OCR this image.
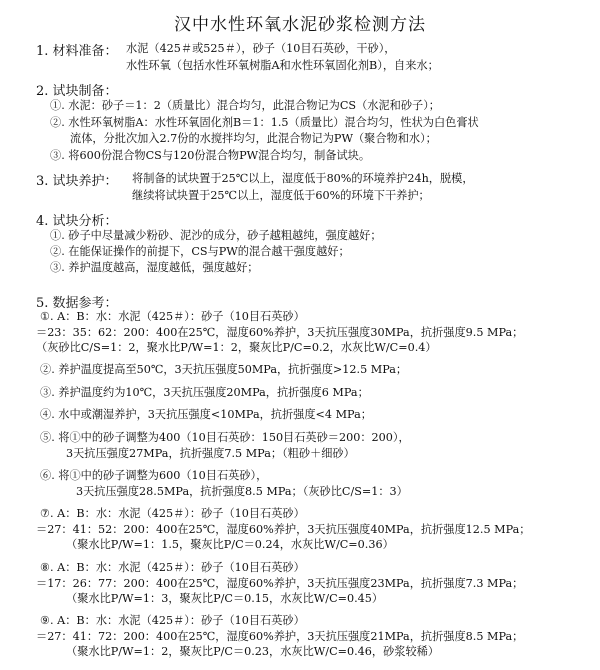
汉中水性环氧水泥砂浆检测方法
1. 材料准备： 水泥（425＃或525＃），砂子（10目石英砂，干砂），
水性环氧（包括水性环氧树脂A和水性环氧固化剂B），自来水；
2. 试块制备：
①. 水泥：砂子＝1：2（质量比）混合均匀，此混合物记为CS（水泥和砂子）；
②. 水性环氧树脂A：水性环氧固化剂B＝1：1.5（质量比）混合均匀，性状为白色膏状
流体，分批次加入2.7份的水搅拌均匀，此混合物记为PW（聚合物和水）；
③. 将600份混合物CS与120份混合物PW混合均匀，制备试块。
3. 试块养护： 将制备的试块置于25℃以上，湿度低于80%的环境养护24h，脱模，
继续将试块置于25℃以上，湿度低于60%的环境下干养护；
4. 试块分析：
①. 砂子中尽量减少粉砂、泥沙的成分，砂子越粗越纯，强度越好；
②. 在能保证操作的前提下，CS与PW的混合越干强度越好；
③. 养护温度越高，湿度越低，强度越好；
5. 数据参考：
①. A：B：水：水泥（425＃）：砂子（10目石英砂）
＝23：35：62：200：400在25℃，湿度60%养护，3天抗压强度30MPa，抗折强度9.5 MPa；
（灰砂比C/S=1：2，聚水比P/W=1：2，聚灰比P/C=0.2，水灰比W/C=0.4）
②. 养护温度提高至50℃，3天抗压强度50MPa，抗折强度>12.5 MPa；
③. 养护温度约为10℃，3天抗压强度20MPa，抗折强度6 MPa；
④. 水中或潮湿养护，3天抗压强度<10MPa，抗折强度<4 MPa；
⑤. 将①中的砂子调整为400（10目石英砂：150目石英砂＝200：200），
3天抗压强度27MPa，抗折强度7.5 MPa；（粗砂＋细砂）
⑥. 将①中的砂子调整为600（10目石英砂），
3天抗压强度28.5MPa，抗折强度8.5 MPa；（灰砂比C/S=1：3）
⑦. A：B：水：水泥（425＃）：砂子（10目石英砂）
＝27：41：52：200：400在25℃，湿度60%养护，3天抗压强度40MPa，抗折强度12.5 MPa；
（聚水比P/W=1：1.5，聚灰比P/C＝0.24，水灰比W/C=0.36）
⑧. A：B：水：水泥（425＃）：砂子（10目石英砂）
＝17：26：77：200：400在25℃，湿度60%养护，3天抗压强度23MPa，抗折强度7.3 MPa；
（聚水比P/W=1：3，聚灰比P/C＝0.15，水灰比W/C=0.45）
⑨. A：B：水：水泥（425＃）：砂子（10目石英砂）
＝27：41：72：200：400在25℃，湿度60%养护，3天抗压强度21MPa，抗折强度8.5 MPa；
（聚水比P/W=1：2，聚灰比P/C＝0.23，水灰比W/C=0.46，砂浆较稀）
